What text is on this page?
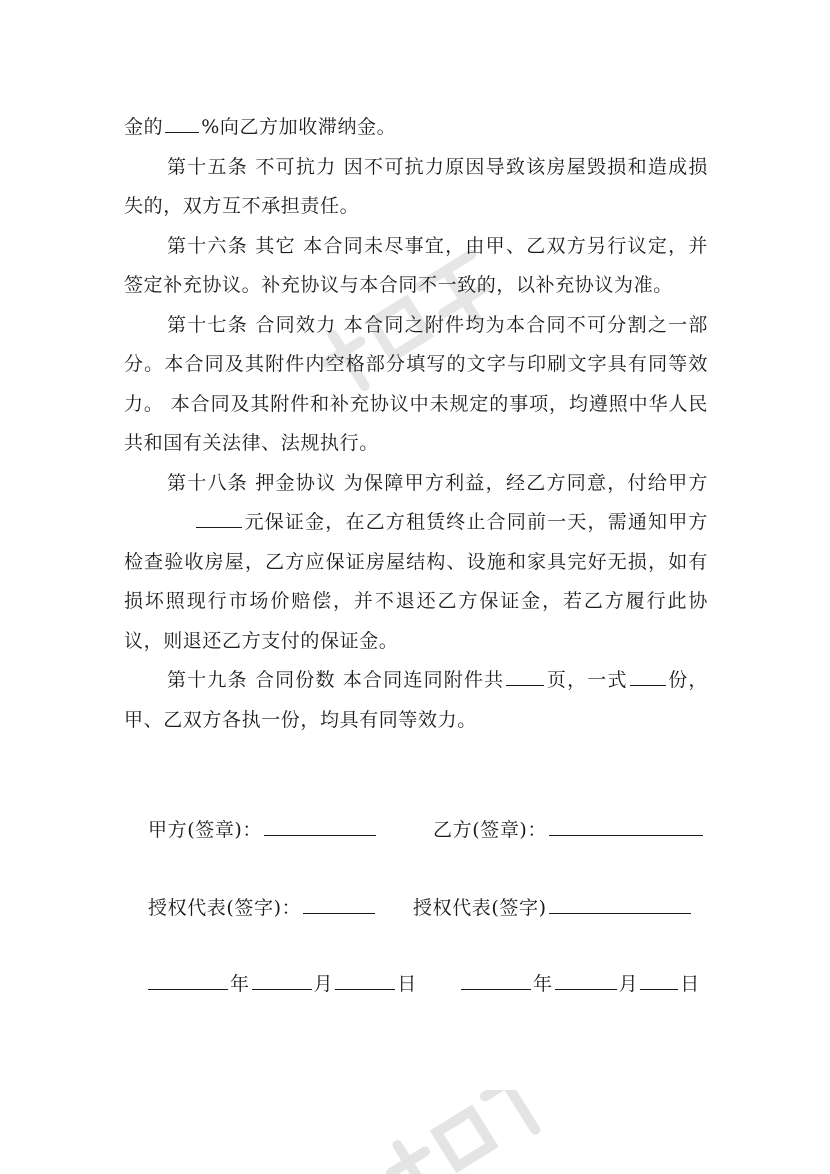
金的 %向乙方加收滞纳金。

第十五条 不可抗力 因不可抗力原因导致该房屋毁损和造成损失的，双方互不承担责任。

第十六条 其它 本合同未尽事宜，由甲、乙双方另行议定，并签定补充协议。补充协议与本合同不一致的，以补充协议为准。

第十七条 合同效力 本合同之附件均为本合同不可分割之一部分。本合同及其附件内空格部分填写的文字与印刷文字具有同等效力。 本合同及其附件和补充协议中未规定的事项，均遵照中华人民共和国有关法律、法规执行。

第十八条 押金协议 为保障甲方利益，经乙方同意，付给甲方元保证金，在乙方租赁终止合同前一天，需通知甲方检查验收房屋，乙方应保证房屋结构、设施和家具完好无损，如有损坏照现行市场价赔偿，并不退还乙方保证金，若乙方履行此协议，则退还乙方支付的保证金。

第十九条 合同份数 本合同连同附件共 页，一式 份，甲、乙双方各执一份，均具有同等效力。

甲方(签章)：	乙方(签章)：
授权代表(签字)：	授权代表(签字)
年	月	日	年	月 日
